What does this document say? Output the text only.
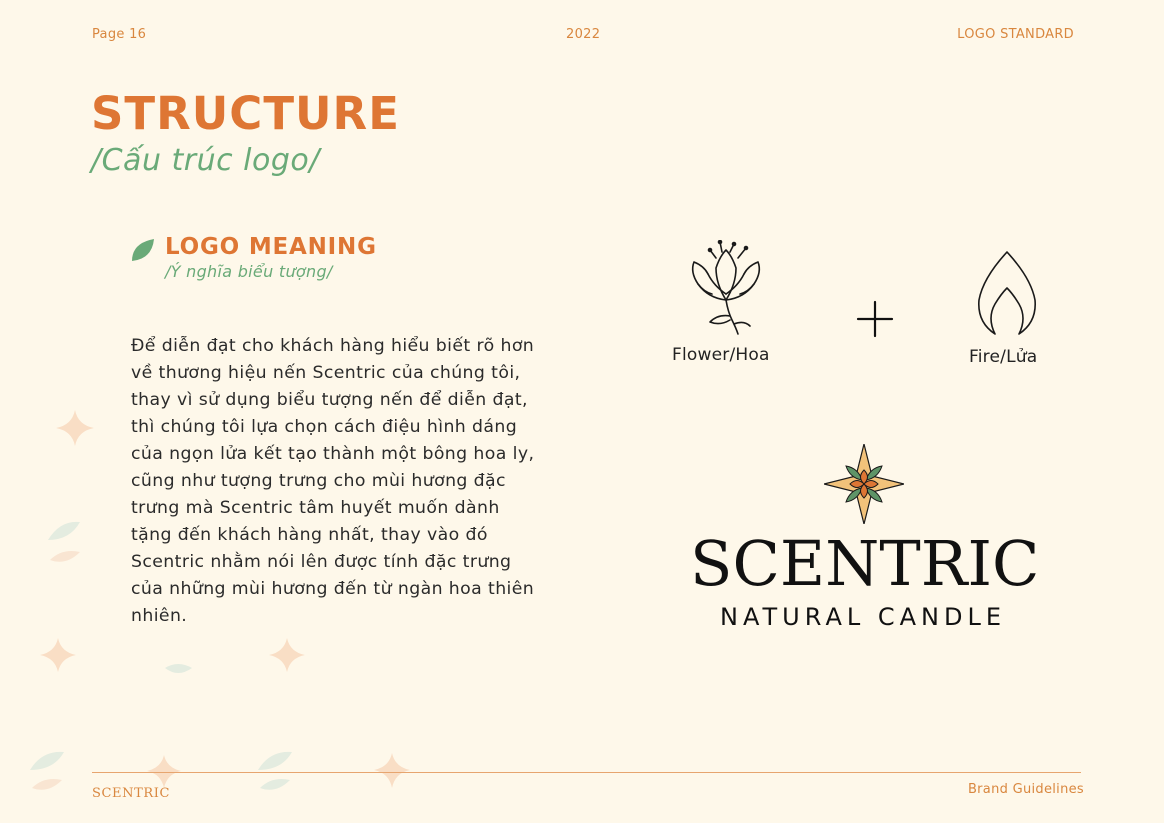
Page 16	2022	LOGO STANDARD
STRUCTURE
/Cấu trúc logo/
LOGO MEANING
/Ý nghĩa biểu tượng/

Để diễn đạt cho khách hàng hiểu biết rõ hơn về thương hiệu nến Scentric của chúng tôi, thay vì sử dụng biểu tượng nến để diễn đạt, thì chúng tôi lựa chọn cách điệu hình dáng của ngọn lửa kết tạo thành một bông hoa ly, cũng như tượng trưng cho mùi hương đặc trưng mà Scentric tâm huyết muốn dành tặng đến khách hàng nhất, thay vào đó Scentric nhằm nói lên được tính đặc trưng của những mùi hương đến từ ngàn hoa thiên nhiên.

Flower/Hoa	Fire/Lửa
SCENTRIC
NATURAL CANDLE
SCENTRIC	Brand Guidelines
